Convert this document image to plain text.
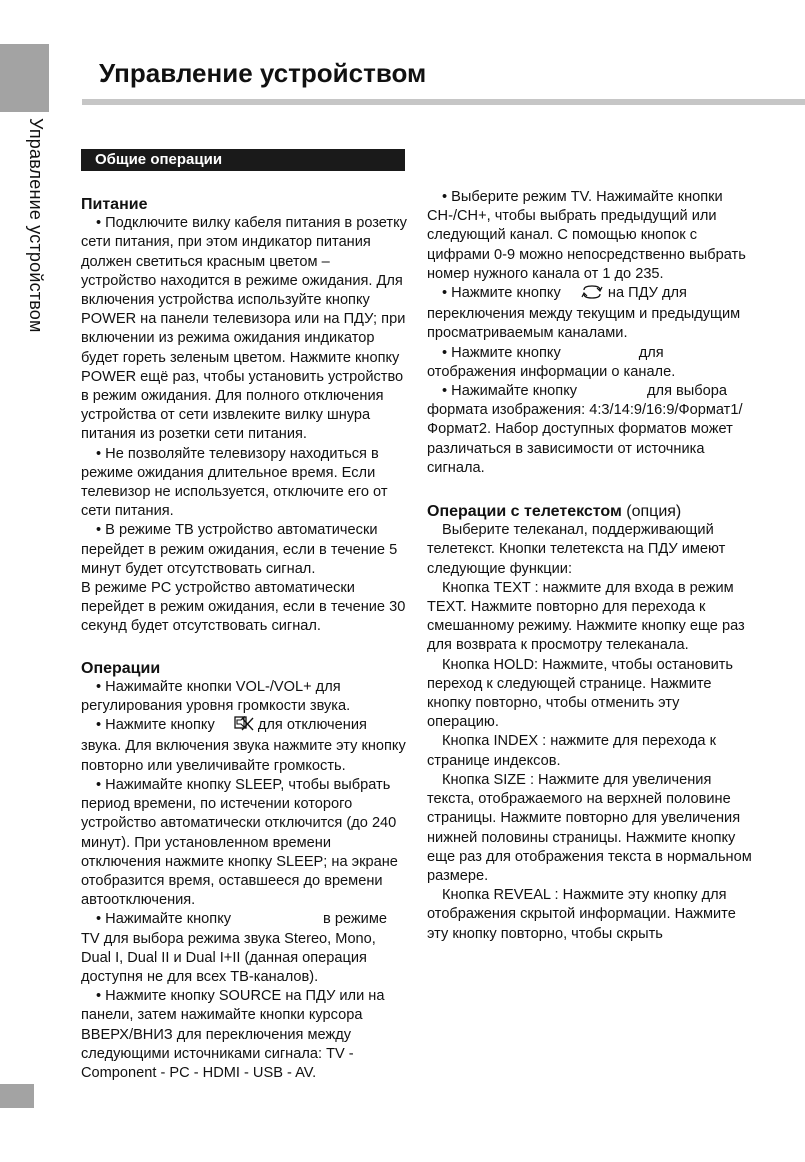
Управление устройством
Управление устройством
Общие операции

Питание

• Подключите вилку кабеля питания в розетку сети питания, при этом индикатор питания должен светиться красным цветом – устройство находится в режиме ожидания. Для включения устройства используйте кнопку POWER на панели телевизора или на ПДУ; при включении из режима ожидания индикатор будет гореть зеленым цветом. Нажмите кнопку POWER ещё раз, чтобы установить устройство в режим ожидания. Для полного отключения устройства от сети извлеките вилку шнура питания из розетки сети питания.

• Не позволяйте телевизору находиться в режиме ожидания длительное время. Если телевизор не используется, отключите его от сети питания.

• В режиме ТВ устройство автоматически перейдет в режим ожидания, если в течение 5 минут будет отсутствовать сигнал.

В режиме PC устройство автоматически перейдет в режим ожидания, если в течение 30 секунд будет отсутствовать сигнал.

Операции

• Нажимайте кнопки VOL-/VOL+ для регулирования уровня громкости звука.

• Нажмите кнопку	для отключения звука. Для включения звука нажмите эту кнопку повторно или увеличивайте громкость.

• Нажимайте кнопку SLEEP, чтобы выбрать период времени, по истечении которого устройство автоматически отключится (до 240 минут). При установленном времени отключения нажмите кнопку SLEEP; на экране отобразится время, оставшееся до времени автоотключения.

• Нажимайте кнопку	в режиме TV для выбора режима звука Stereo, Mono, Dual I, Dual II и Dual I+II (данная операция доступня не для всех ТВ-каналов).

• Нажмите кнопку SOURCE на ПДУ или на панели, затем нажимайте кнопки курсора ВВЕРХ/ВНИЗ для переключения между следующими источниками сигнала: TV - Component - PC - HDMI - USB - AV.

• Выберите режим TV. Нажимайте кнопки CH-/CH+, чтобы выбрать предыдущий или следующий канал. С помощью кнопок с цифрами 0-9 можно непосредственно выбрать номер нужного канала от 1 до 235.

• Нажмите кнопку	на ПДУ для переключения между текущим и предыдущим просматриваемым каналами.

• Нажмите кнопку	для отображения информации о канале.

• Нажимайте кнопку	для выбора формата изображения: 4:3/14:9/16:9/Формат1/Формат2. Набор доступных форматов может различаться в зависимости от источника сигнала.

Операции с телетекстом (опция)

Выберите телеканал, поддерживающий телетекст. Кнопки телетекста на ПДУ имеют следующие функции:

Кнопка TEXT : нажмите для входа в режим TEXT. Нажмите повторно для перехода к смешанному режиму. Нажмите кнопку еще раз для возврата к просмотру телеканала.

Кнопка HOLD: Нажмите, чтобы остановить переход к следующей странице. Нажмите кнопку повторно, чтобы отменить эту операцию.

Кнопка INDEX : нажмите для перехода к странице индексов.

Кнопка SIZE : Нажмите для увеличения текста, отображаемого на верхней половине страницы. Нажмите повторно для увеличения нижней половины страницы. Нажмите кнопку еще раз для отображения текста в нормальном размере.

Кнопка REVEAL : Нажмите эту кнопку для отображения скрытой информации. Нажмите эту кнопку повторно, чтобы скрыть
